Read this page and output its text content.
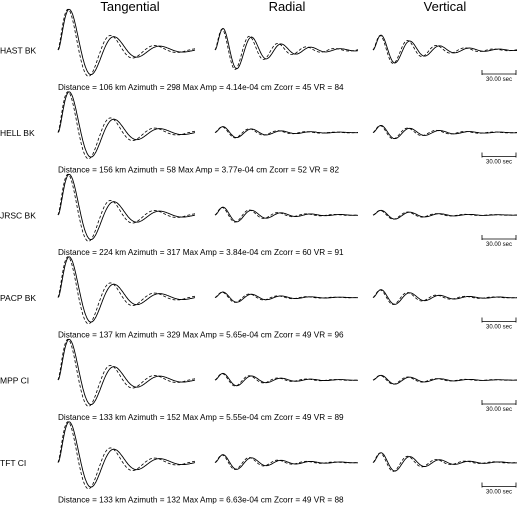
Tangential	Radial	Vertical
HAST BK
Distance = 106 km Azimuth = 298 Max Amp = 4.14e-04 cm Zcorr = 45 VR = 84
30.00 sec
HELL BK
Distance = 156 km Azimuth = 58 Max Amp = 3.77e-04 cm Zcorr = 52 VR = 82
30.00 sec
JRSC BK
Distance = 224 km Azimuth = 317 Max Amp = 3.84e-04 cm Zcorr = 60 VR = 91
30.00 sec
PACP BK
Distance = 137 km Azimuth = 329 Max Amp = 5.65e-04 cm Zcorr = 49 VR = 96
30.00 sec
MPP CI
Distance = 133 km Azimuth = 152 Max Amp = 5.55e-04 cm Zcorr = 49 VR = 89
30.00 sec
TFT CI
Distance = 133 km Azimuth = 132 Max Amp = 6.63e-04 cm Zcorr = 49 VR = 88
30.00 sec
